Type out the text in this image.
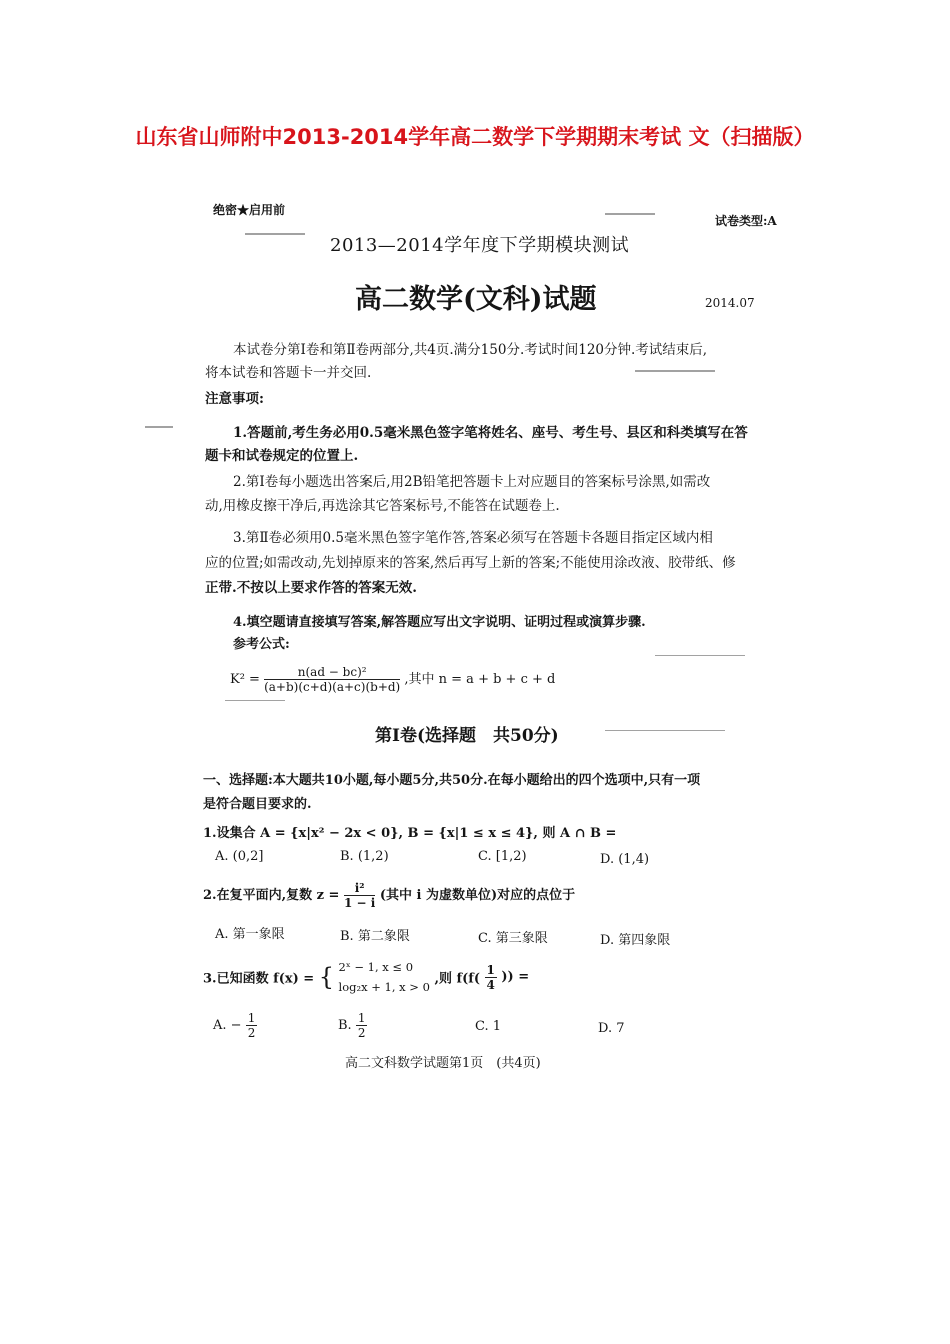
山东省山师附中2013-2014学年高二数学下学期期末考试 文（扫描版）
绝密★启用前
试卷类型:A
2013—2014学年度下学期模块测试
高二数学(文科)试题	2014.07
本试卷分第Ⅰ卷和第Ⅱ卷两部分,共4页.满分150分.考试时间120分钟.考试结束后,
将本试卷和答题卡一并交回.
注意事项:
1.答题前,考生务必用0.5毫米黑色签字笔将姓名、座号、考生号、县区和科类填写在答
题卡和试卷规定的位置上.
2.第Ⅰ卷每小题选出答案后,用2B铅笔把答题卡上对应题目的答案标号涂黑,如需改
动,用橡皮擦干净后,再选涂其它答案标号,不能答在试题卷上.
3.第Ⅱ卷必须用0.5毫米黑色签字笔作答,答案必须写在答题卡各题目指定区域内相
应的位置;如需改动,先划掉原来的答案,然后再写上新的答案;不能使用涂改液、胶带纸、修
正带.不按以上要求作答的答案无效.
4.填空题请直接填写答案,解答题应写出文字说明、证明过程或演算步骤.
参考公式:
$K^2 = \frac{\text{n(ad − bc)²}}{(a+b)(c+d)(a+c)(b+d)}$ ,其中 n = a + b + c + d
第Ⅰ卷(选择题　共50分)
一、选择题:本大题共10小题,每小题5分,共50分.在每小题给出的四个选项中,只有一项
是符合题目要求的.
1.设集合 A = {x|x² − 2x < 0}, B = {x|1 ≤ x ≤ 4}, 则 A ∩ B =
A. (0,2]	B. (1,2)	C. [1,2)	D. (1,4)
2.在复平面内,复数 $z = \frac{\text{i²}}{1 - i}$ (其中 i 为虚数单位)对应的点位于
A. 第一象限	B. 第二象限	C. 第三象限	D. 第四象限
3.已知函数 f(x) = { 2ˣ − 1, x ≤ 0
log₂x + 1, x > 0
,则 $f(f( \frac{1}{4}$ )) =
A. − $\frac{1}{2}$	B. $\frac{1}{2}$	C. 1	D. 7
高二文科数学试题第1页　(共4页)
